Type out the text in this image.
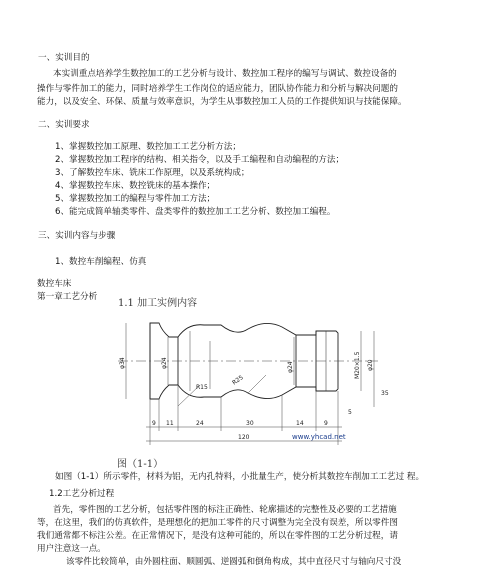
一、实训目的
本实训重点培养学生数控加工的工艺分析与设计、数控加工程序的编写与调试、数控设备的
操作与零件加工的能力，同时培养学生工作岗位的适应能力，团队协作能力和分析与解决问题的
能力，以及安全、环保、质量与效率意识，为学生从事数控加工人员的工作提供知识与技能保障。
二、实训要求
1、掌握数控加工原理、数控加工工艺分析方法；
2、掌握数控加工程序的结构、相关指令，以及手工编程和自动编程的方法；
3、了解数控车床、铣床工作原理，以及系统构成；
4、掌握数控车床、数控铣床的基本操作；
5、掌握数控加工的编程与零件加工方法；
6、能完成简单轴类零件、盘类零件的数控加工工艺分析、数控加工编程。
三、实训内容与步骤
1、数控车削编程、仿真
数控车床
第一章工艺分析
1.1 加工实例内容
φ34	φ24
R15
R25
φ24	M20×1.5 φ20
35
9 11	24	30	14	9
120
5
www.yhcad.net
图（1-1）
如图（1-1）所示零件，材料为铝，无内孔特料，小批量生产，使分析其数控车削加工工艺过 程。
1.2工艺分析过程
首先，零件图的工艺分析，包括零件图的标注正确性、轮廓描述的完整性及必要的工艺措施
等，在这里，我们的仿真软件，是理想化的把加工零件的尺寸调整为完全没有误差，所以零件图
我们通常都不标注公差。在正常情况下，是没有这种可能的，所以在零件图的工艺分析过程，请
用户注意这一点。
该零件比较简单，由外圆柱面、顺圆弧、逆圆弧和倒角构成，其中直径尺寸与轴向尺寸没
